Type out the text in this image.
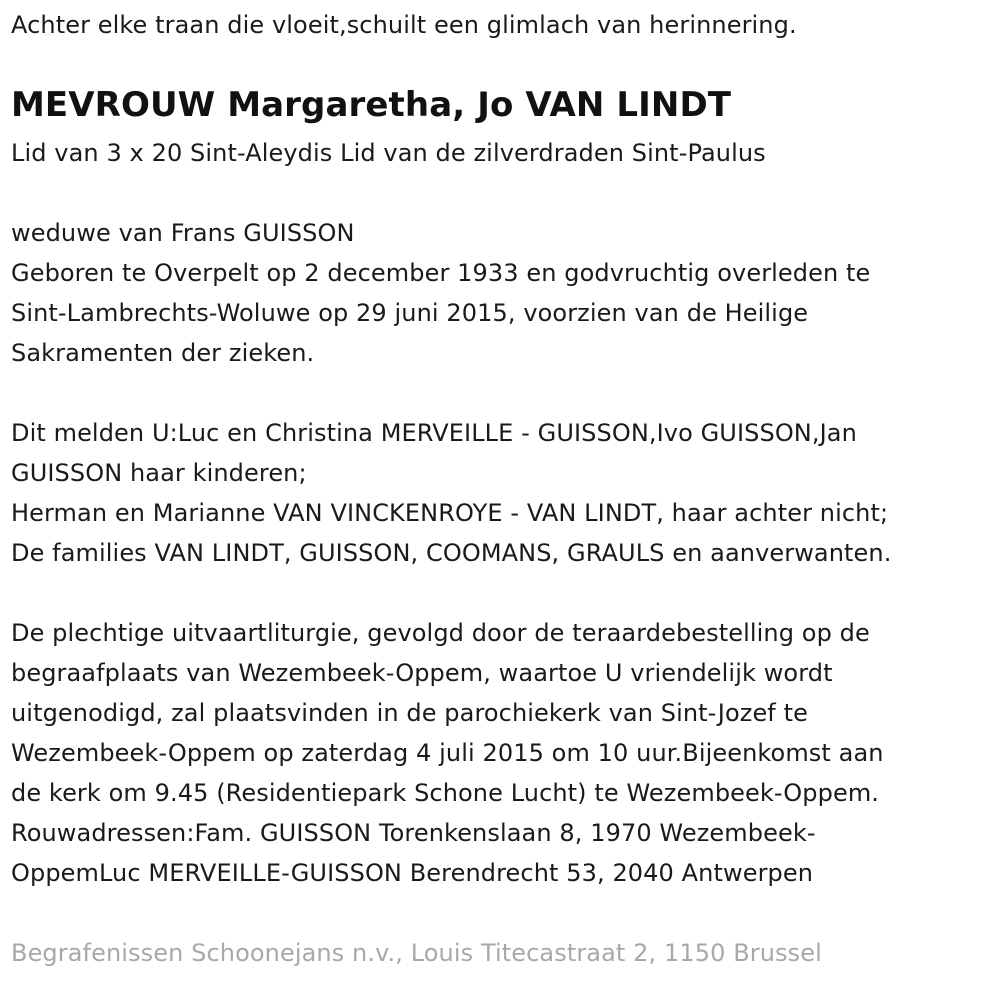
Achter elke traan die vloeit,schuilt een glimlach van herinnering.

MEVROUW Margaretha, Jo VAN LINDT

Lid van 3 x 20 Sint-Aleydis Lid van de zilverdraden Sint-Paulus

weduwe van Frans GUISSON

Geboren te Overpelt op 2 december 1933 en godvruchtig overleden te

Sint-Lambrechts-Woluwe op 29 juni 2015, voorzien van de Heilige

Sakramenten der zieken.

Dit melden U:Luc en Christina MERVEILLE - GUISSON,Ivo GUISSON,Jan

GUISSON haar kinderen;

Herman en Marianne VAN VINCKENROYE - VAN LINDT, haar achter nicht;

De families VAN LINDT, GUISSON, COOMANS, GRAULS en aanverwanten.

De plechtige uitvaartliturgie, gevolgd door de teraardebestelling op de

begraafplaats van Wezembeek-Oppem, waartoe U vriendelijk wordt

uitgenodigd, zal plaatsvinden in de parochiekerk van Sint-Jozef te

Wezembeek-Oppem op zaterdag 4 juli 2015 om 10 uur.Bijeenkomst aan

de kerk om 9.45 (Residentiepark Schone Lucht) te Wezembeek-Oppem.

Rouwadressen:Fam. GUISSON Torenkenslaan 8, 1970 Wezembeek-

OppemLuc MERVEILLE-GUISSON Berendrecht 53, 2040 Antwerpen

Begrafenissen Schoonejans n.v., Louis Titecastraat 2, 1150 Brussel
